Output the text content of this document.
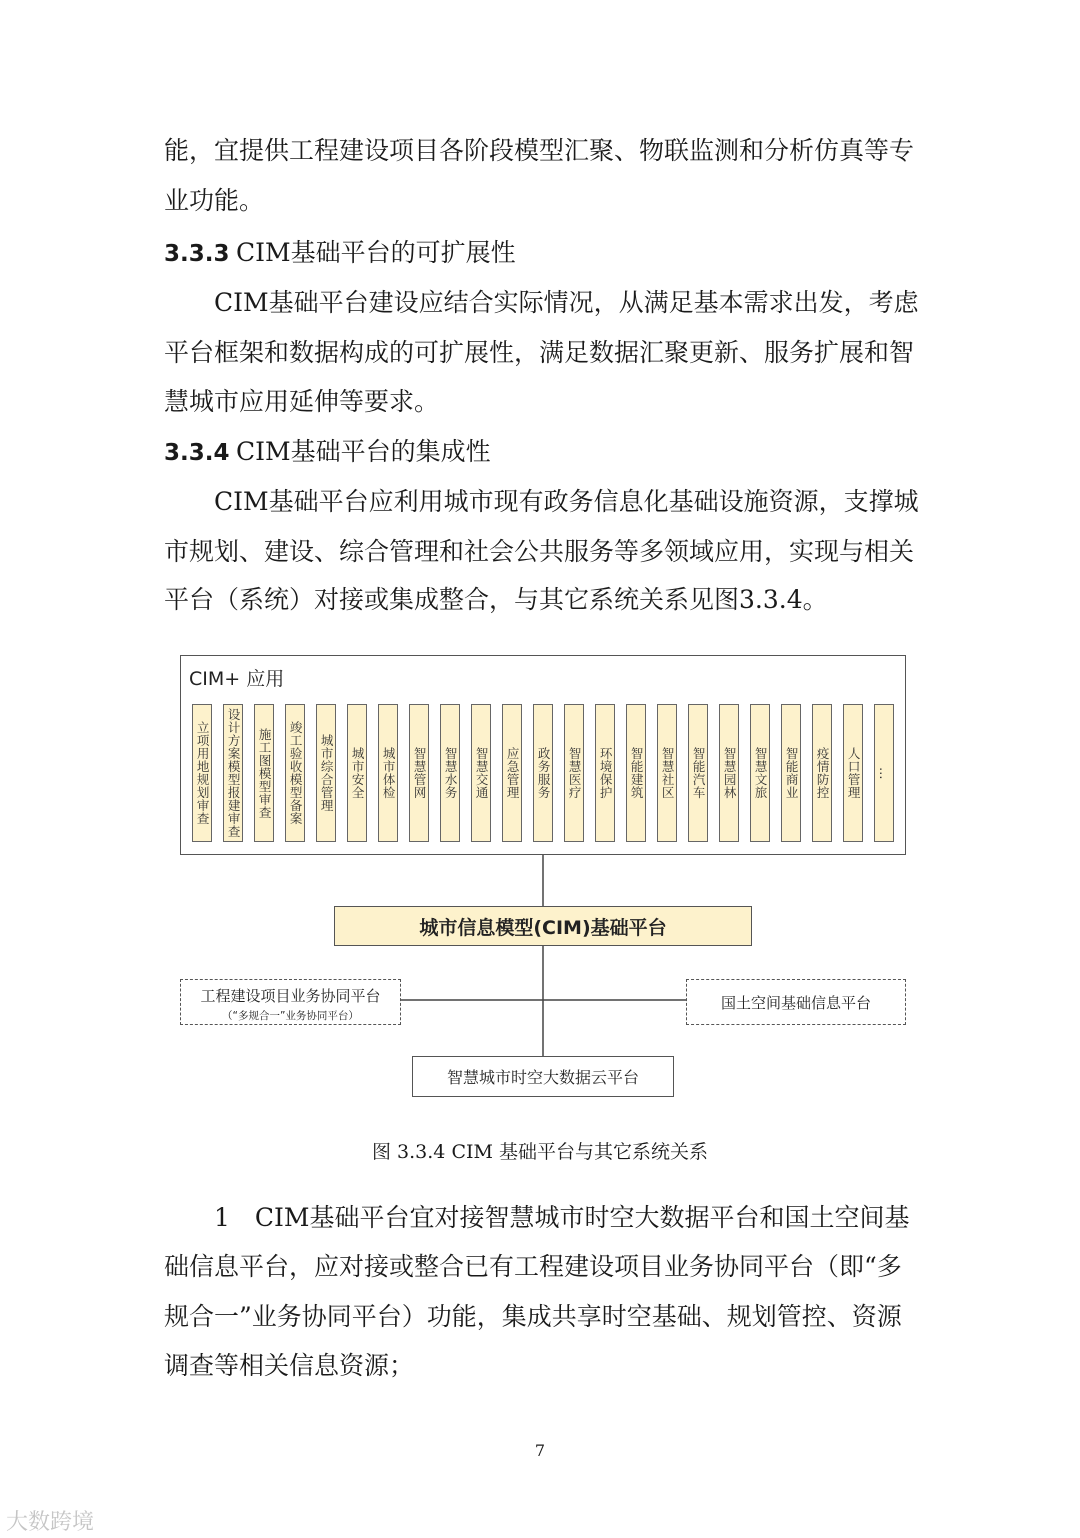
能，宜提供工程建设项目各阶段模型汇聚、物联监测和分析仿真等专
业功能。
3.3.3 CIM基础平台的可扩展性
CIM基础平台建设应结合实际情况，从满足基本需求出发，考虑
平台框架和数据构成的可扩展性，满足数据汇聚更新、服务扩展和智
慧城市应用延伸等要求。
3.3.4 CIM基础平台的集成性
CIM基础平台应利用城市现有政务信息化基础设施资源，支撑城
市规划、建设、综合管理和社会公共服务等多领域应用，实现与相关
平台（系统）对接或集成整合，与其它系统关系见图3.3.4。
CIM+ 应用
立项用地规划审查 设计方案模型报建审查 施工图模型审查 竣工验收模型备案 城市综合管理 城市安全 城市体检 智慧管网 智慧水务 智慧交通 应急管理 政务服务 智慧医疗 环境保护 智能建筑 智慧社区 智能汽车 智慧园林 智慧文旅 智能商业 疫情防控 人口管理 …
城市信息模型(CIM)基础平台
工程建设项目业务协同平台
（“多规合一”业务协同平台）
国土空间基础信息平台
智慧城市时空大数据云平台
图 3.3.4 CIM 基础平台与其它系统关系
1　CIM基础平台宜对接智慧城市时空大数据平台和国土空间基
础信息平台，应对接或整合已有工程建设项目业务协同平台（即“多
规合一”业务协同平台）功能，集成共享时空基础、规划管控、资源
调查等相关信息资源；
7
大数跨境
